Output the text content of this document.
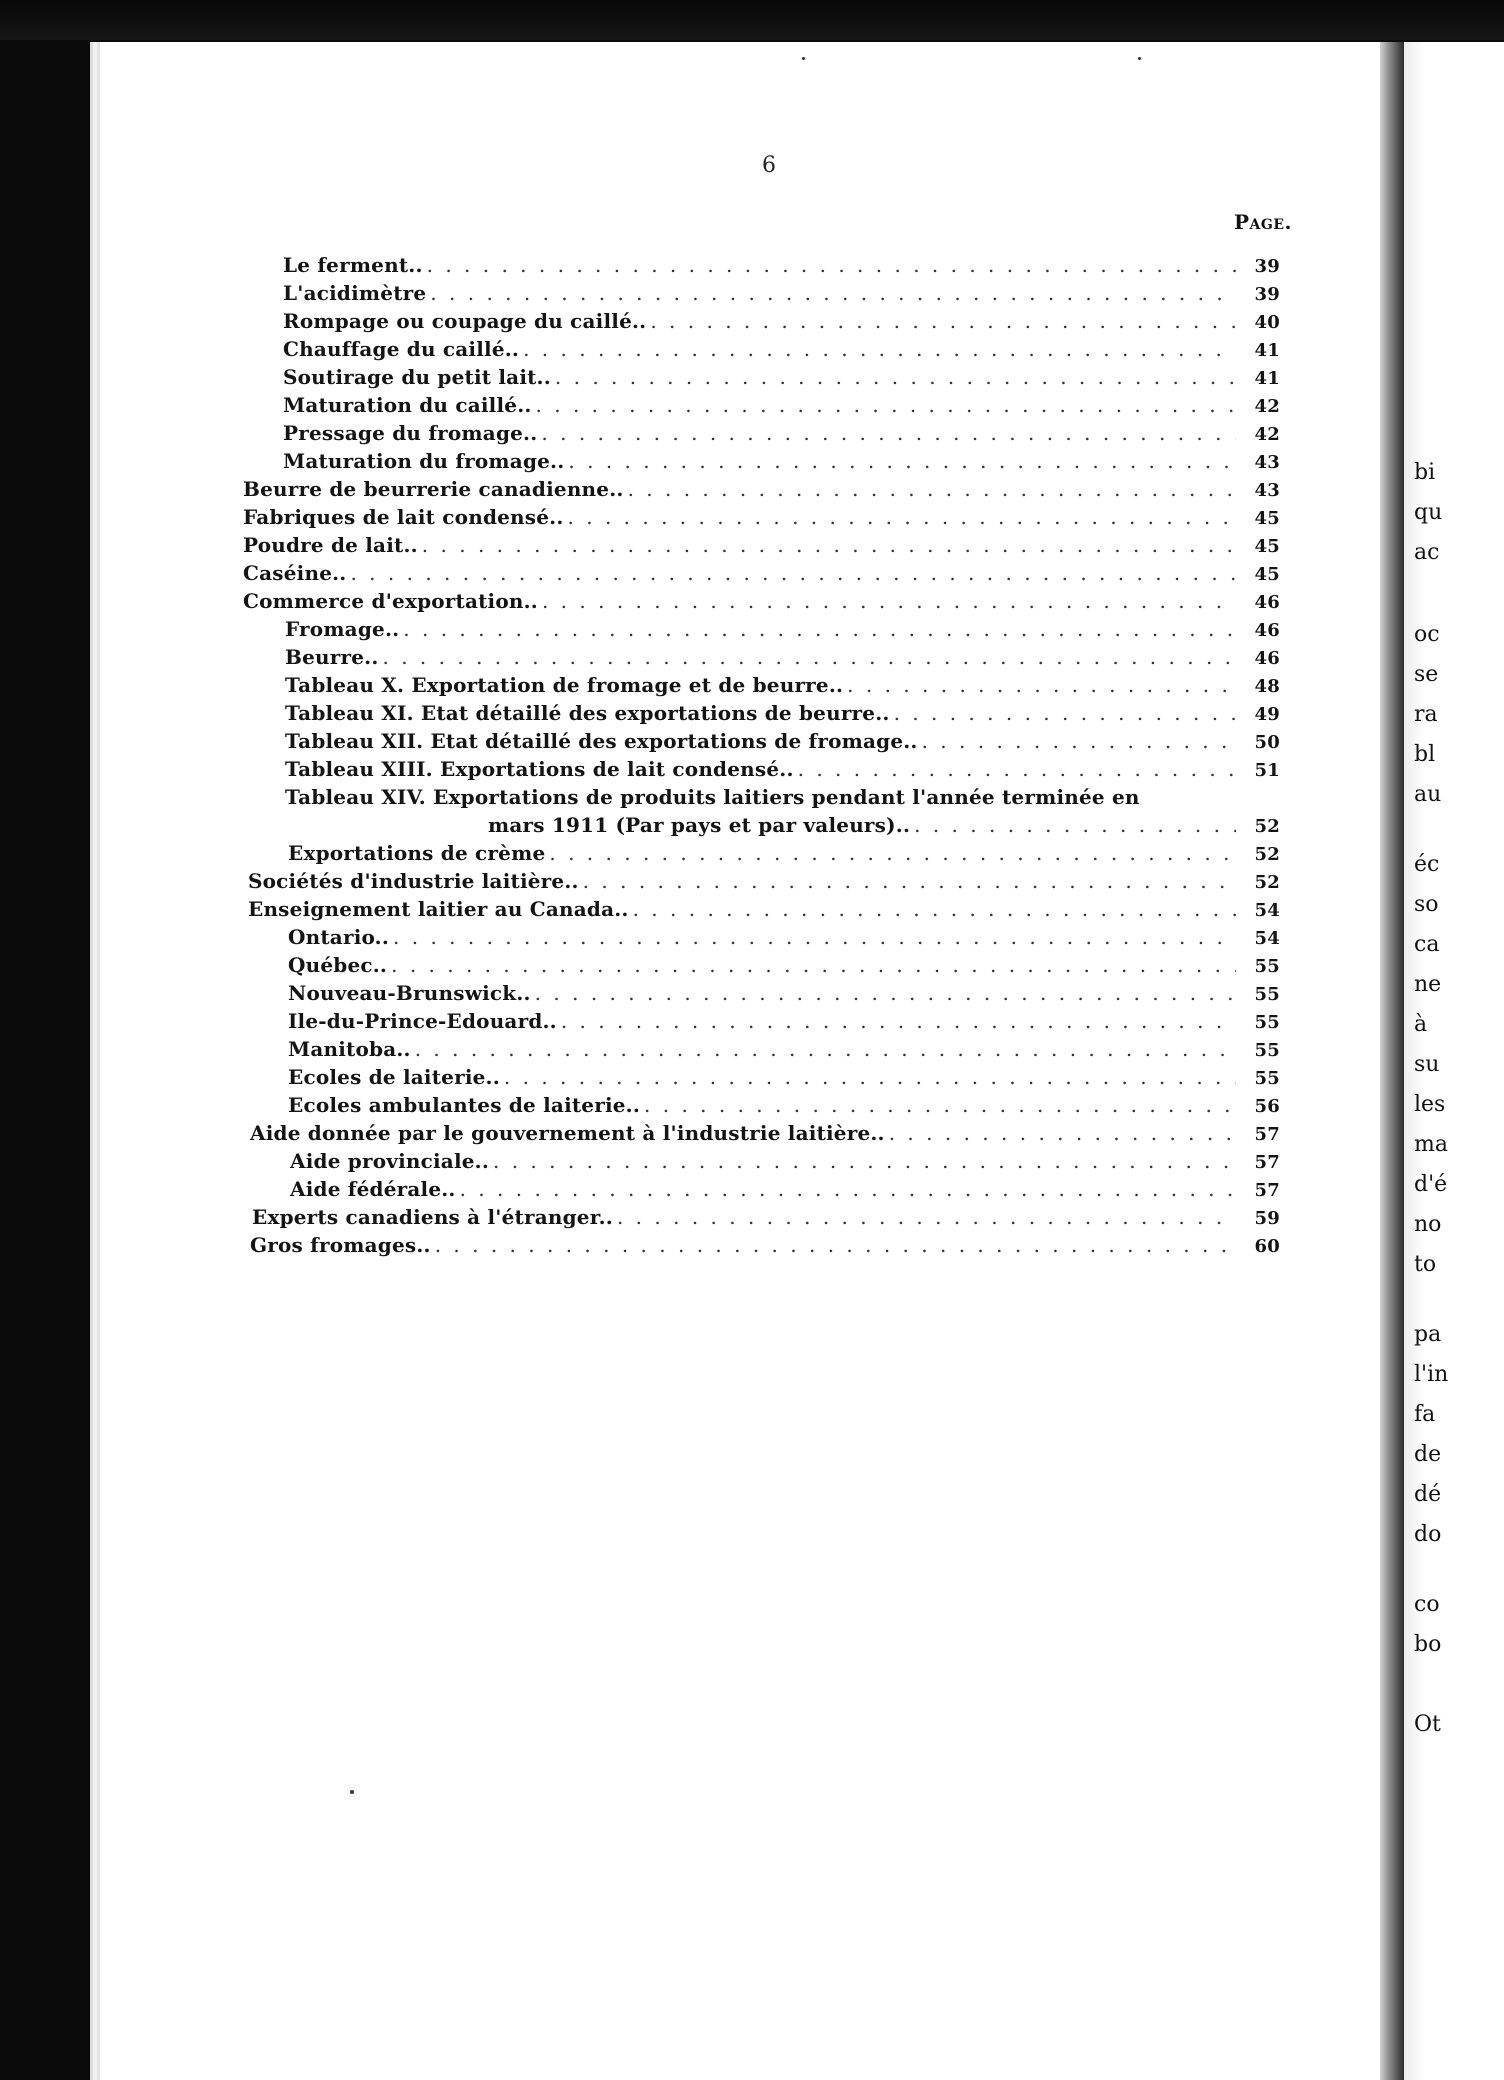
bi
qu
ac
oc
se
ra
bl
au
éc
so
ca
ne
à
su
les
ma
d'é
no
to
pa
l'in
fa
de
dé
do
co
bo
Ot
6
Page.
Le ferment.. . . .	39
L'acidimètre . . .	39
Rompage ou coupage du caillé.. . . .	40
Chauffage du caillé.. . . .	41
Soutirage du petit lait.. . . .	41
Maturation du caillé.. . . .	42
Pressage du fromage.. . . .	42
Maturation du fromage.. . . .	43
Beurre de beurrerie canadienne.. . . .	43
Fabriques de lait condensé.. . . .	45
Poudre de lait.. . . .	45
Caséine.. . . .	45
Commerce d'exportation.. . . .	46
Fromage.. . . .	46
Beurre.. . . .	46
Tableau X. Exportation de fromage et de beurre.. . . .	48
Tableau XI. Etat détaillé des exportations de beurre.. . . .	49
Tableau XII. Etat détaillé des exportations de fromage.. . . .	50
Tableau XIII. Exportations de lait condensé.. . . .	51
Tableau XIV. Exportations de produits laitiers pendant l'année terminée en
mars 1911 (Par pays et par valeurs).. . . .	52
Exportations de crème . . .	52
Sociétés d'industrie laitière.. . . .	52
Enseignement laitier au Canada.. . . .	54
Ontario.. . . .	54
Québec.. . . .	55
Nouveau-Brunswick.. . . .	55
Ile-du-Prince-Edouard.. . . .	55
Manitoba.. . . .	55
Ecoles de laiterie.. . . .	55
Ecoles ambulantes de laiterie.. . . .	56
Aide donnée par le gouvernement à l'industrie laitière.. . . .	57
Aide provinciale.. . . .	57
Aide fédérale.. . . .	57
Experts canadiens à l'étranger.. . . .	59
Gros fromages.. . . .	60
